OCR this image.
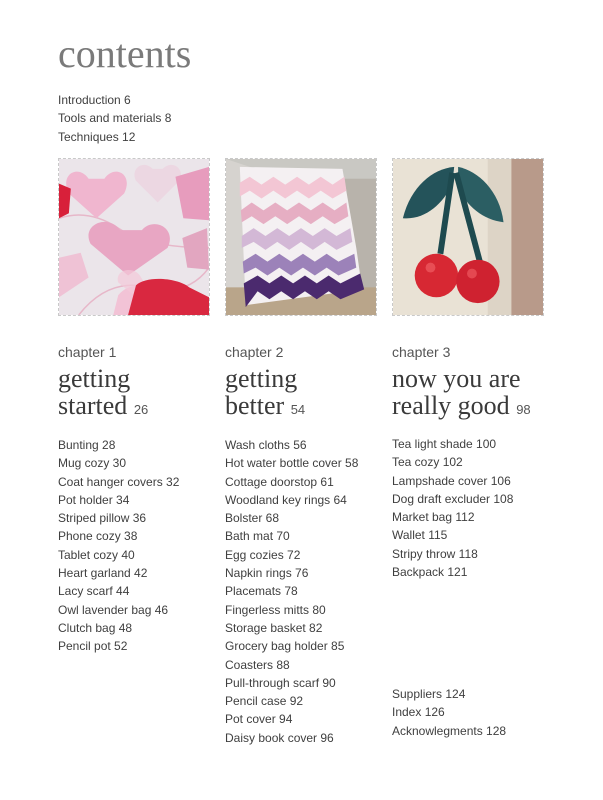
contents
Introduction 6
Tools and materials 8
Techniques 12
chapter 1
getting
started 26
Bunting 28
Mug cozy 30
Coat hanger covers 32
Pot holder 34
Striped pillow 36
Phone cozy 38
Tablet cozy 40
Heart garland 42
Lacy scarf 44
Owl lavender bag 46
Clutch bag 48
Pencil pot 52
chapter 2
getting
better 54
Wash cloths 56
Hot water bottle cover 58
Cottage doorstop 61
Woodland key rings 64
Bolster 68
Bath mat 70
Egg cozies 72
Napkin rings 76
Placemats 78
Fingerless mitts 80
Storage basket 82
Grocery bag holder 85
Coasters 88
Pull-through scarf 90
Pencil case 92
Pot cover 94
Daisy book cover 96
chapter 3
now you are
really good 98
Tea light shade 100
Tea cozy 102
Lampshade cover 106
Dog draft excluder 108
Market bag 112
Wallet 115
Stripy throw 118
Backpack 121
Suppliers 124
Index 126
Acknowlegments 128
